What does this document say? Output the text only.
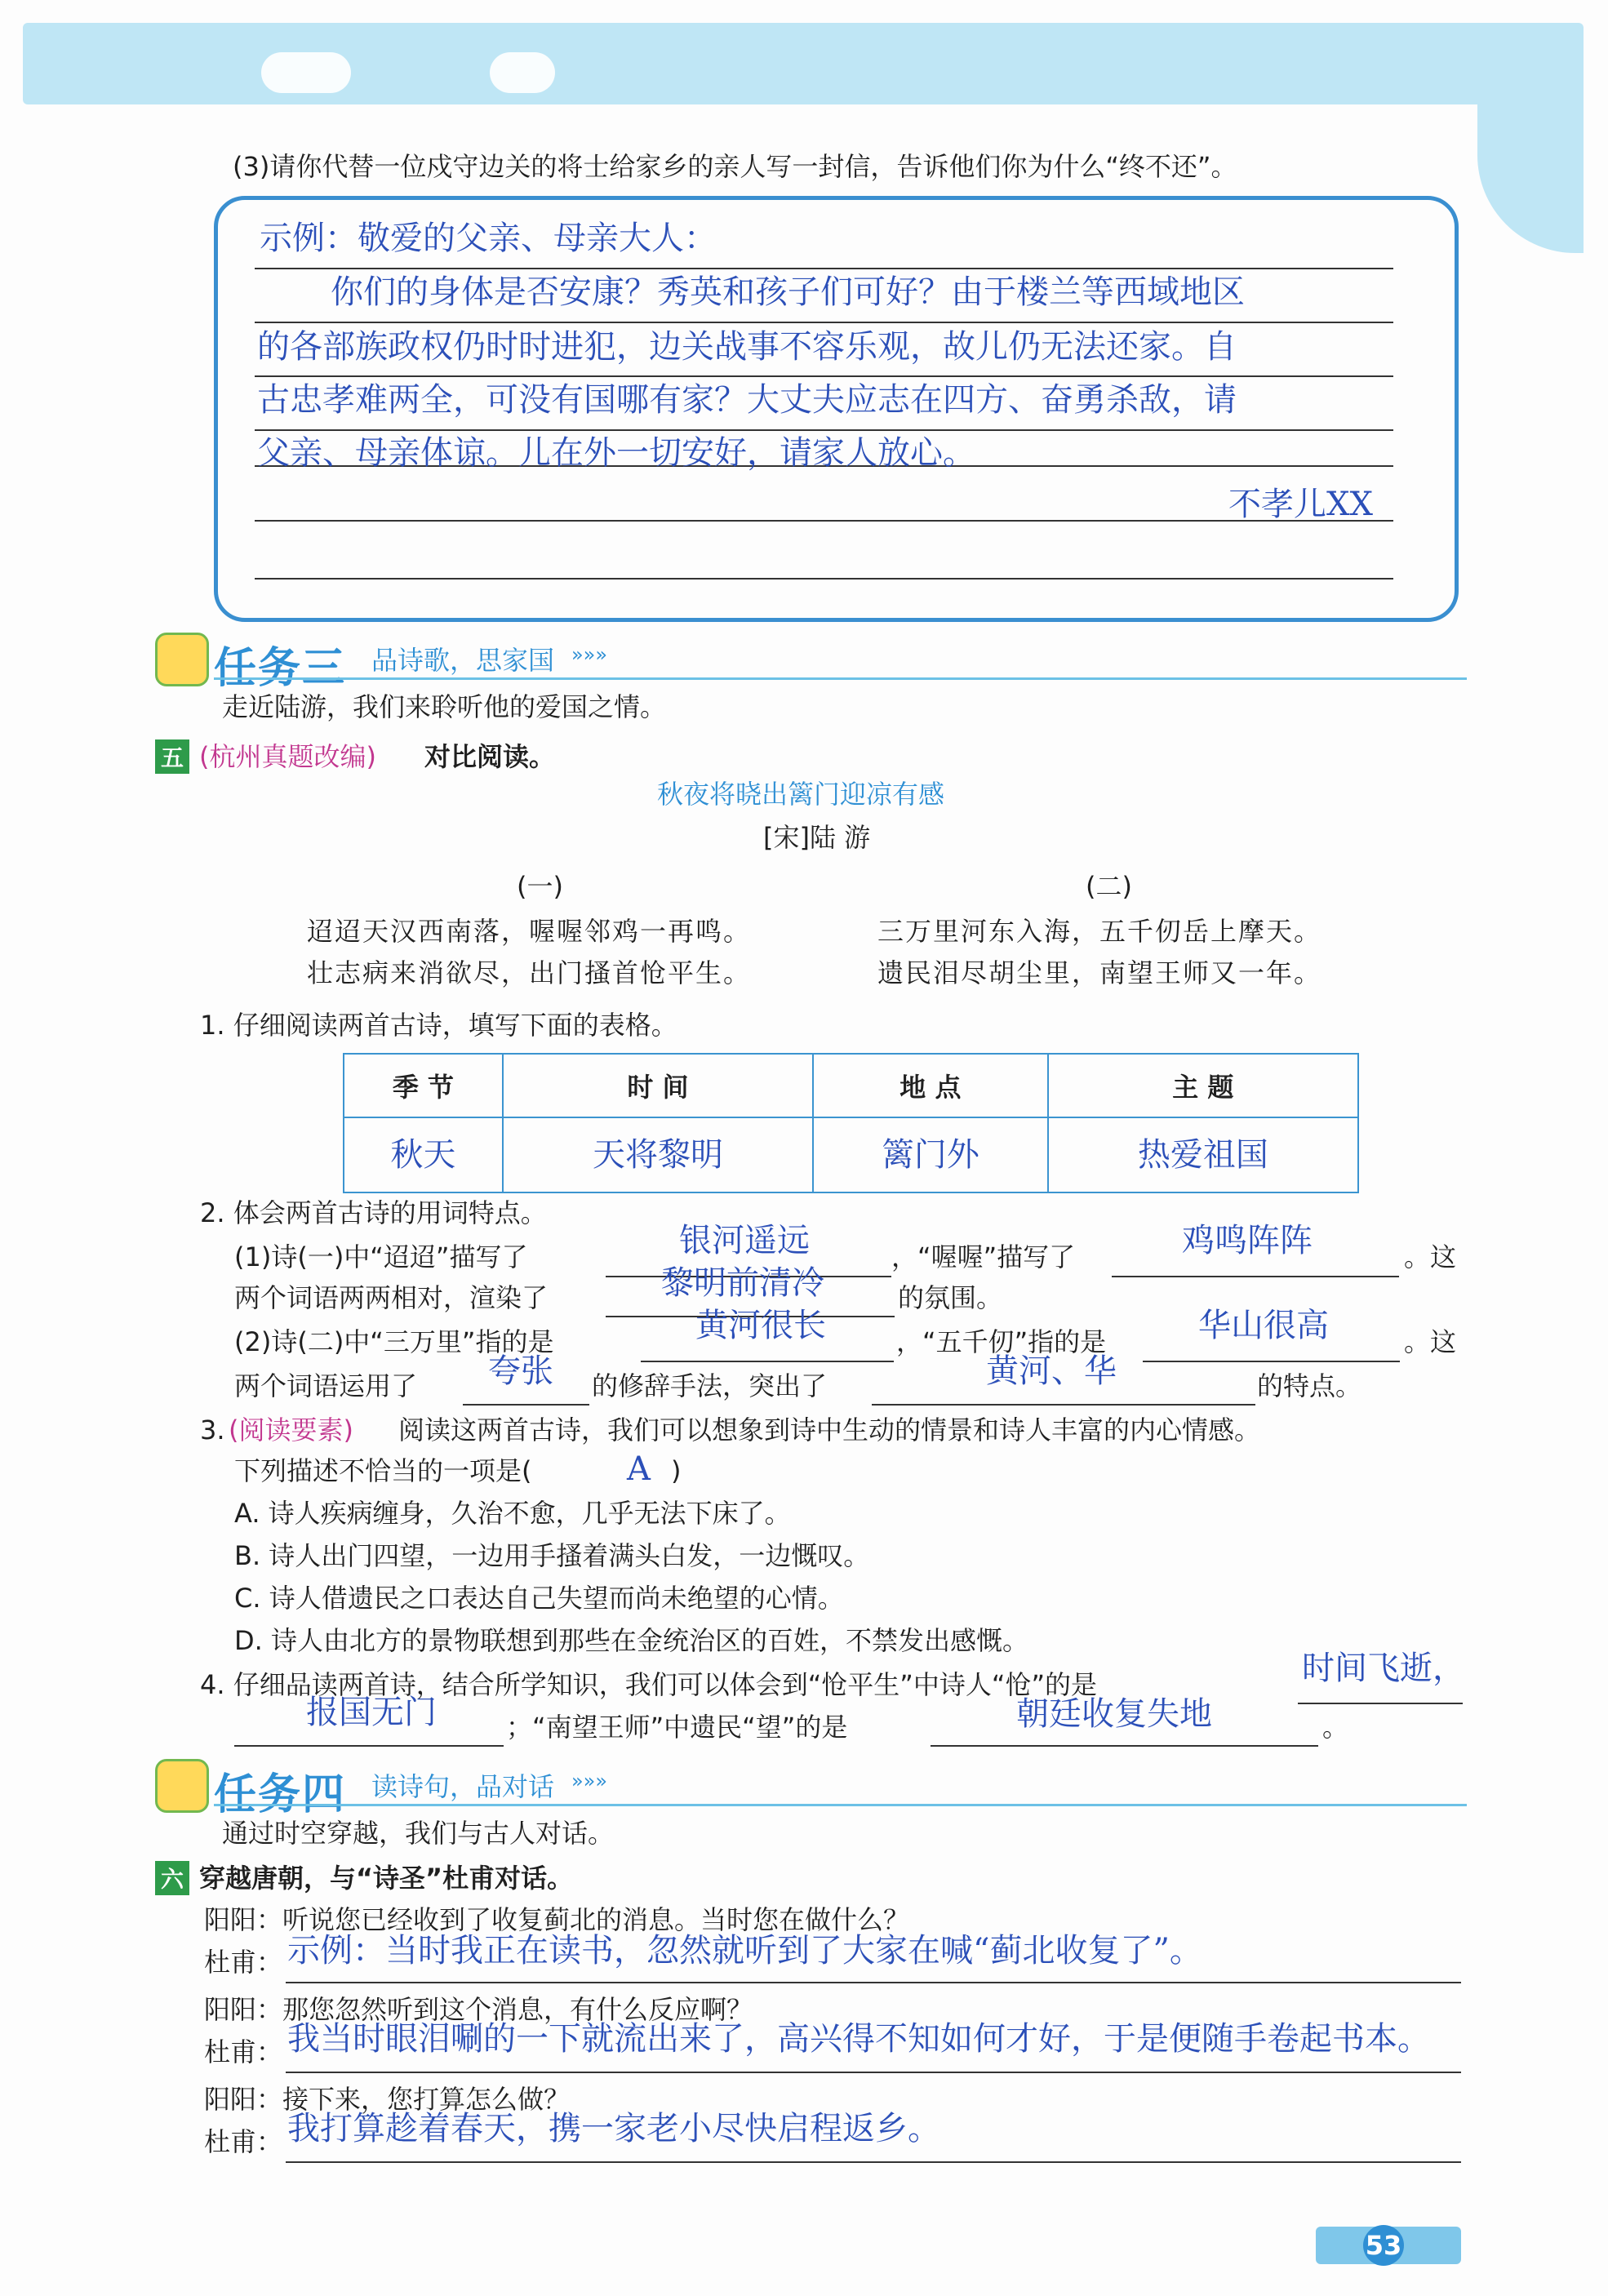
(3)请你代替一位戍守边关的将士给家乡的亲人写一封信，告诉他们你为什么“终不还”。
示例：敬爱的父亲、母亲大人：
你们的身体是否安康？秀英和孩子们可好？由于楼兰等西域地区
的各部族政权仍时时进犯，边关战事不容乐观，故儿仍无法还家。自
古忠孝难两全，可没有国哪有家？大丈夫应志在四方、奋勇杀敌，请
父亲、母亲体谅。儿在外一切安好，请家人放心。
不孝儿XX
任务三 品诗歌，思家国 »»»
走近陆游，我们来聆听他的爱国之情。
五 (杭州真题改编) 对比阅读。
秋夜将晓出篱门迎凉有感
[宋]陆 游
(一)
迢迢天汉西南落，喔喔邻鸡一再鸣。
壮志病来消欲尽，出门搔首怆平生。
(二)
三万里河东入海，五千仞岳上摩天。
遗民泪尽胡尘里，南望王师又一年。
1. 仔细阅读两首古诗，填写下面的表格。
季 节	时 间	地 点	主 题
秋天	天将黎明	篱门外	热爱祖国
2. 体会两首古诗的用词特点。
(1)诗(一)中“迢迢”描写了	银河遥远	，“喔喔”描写了	鸡鸣阵阵	。这
两个词语两两相对，渲染了	黎明前清冷	的氛围。
(2)诗(二)中“三万里”指的是	黄河很长	，“五千仞”指的是	华山很高	。这
两个词语运用了 夸张 的修辞手法，突出了	黄河、华	的特点。
3. (阅读要素) 阅读这两首古诗，我们可以想象到诗中生动的情景和诗人丰富的内心情感。
下列描述不恰当的一项是(	A )
A. 诗人疾病缠身，久治不愈，几乎无法下床了。
B. 诗人出门四望，一边用手搔着满头白发，一边慨叹。
C. 诗人借遗民之口表达自己失望而尚未绝望的心情。
D. 诗人由北方的景物联想到那些在金统治区的百姓，不禁发出感慨。
4. 仔细品读两首诗，结合所学知识，我们可以体会到“怆平生”中诗人“怆”的是	时间飞逝，
报国无门	；“南望王师”中遗民“望”的是	朝廷收复失地	。
任务四 读诗句，品对话 »»»
通过时空穿越，我们与古人对话。
六 穿越唐朝，与“诗圣”杜甫对话。
阳阳：听说您已经收到了收复蓟北的消息。当时您在做什么？
杜甫： 示例：当时我正在读书，忽然就听到了大家在喊“蓟北收复了”。
阳阳：那您忽然听到这个消息，有什么反应啊？
杜甫： 我当时眼泪唰的一下就流出来了，高兴得不知如何才好，于是便随手卷起书本。
阳阳：接下来，您打算怎么做？
杜甫： 我打算趁着春天，携一家老小尽快启程返乡。
53
